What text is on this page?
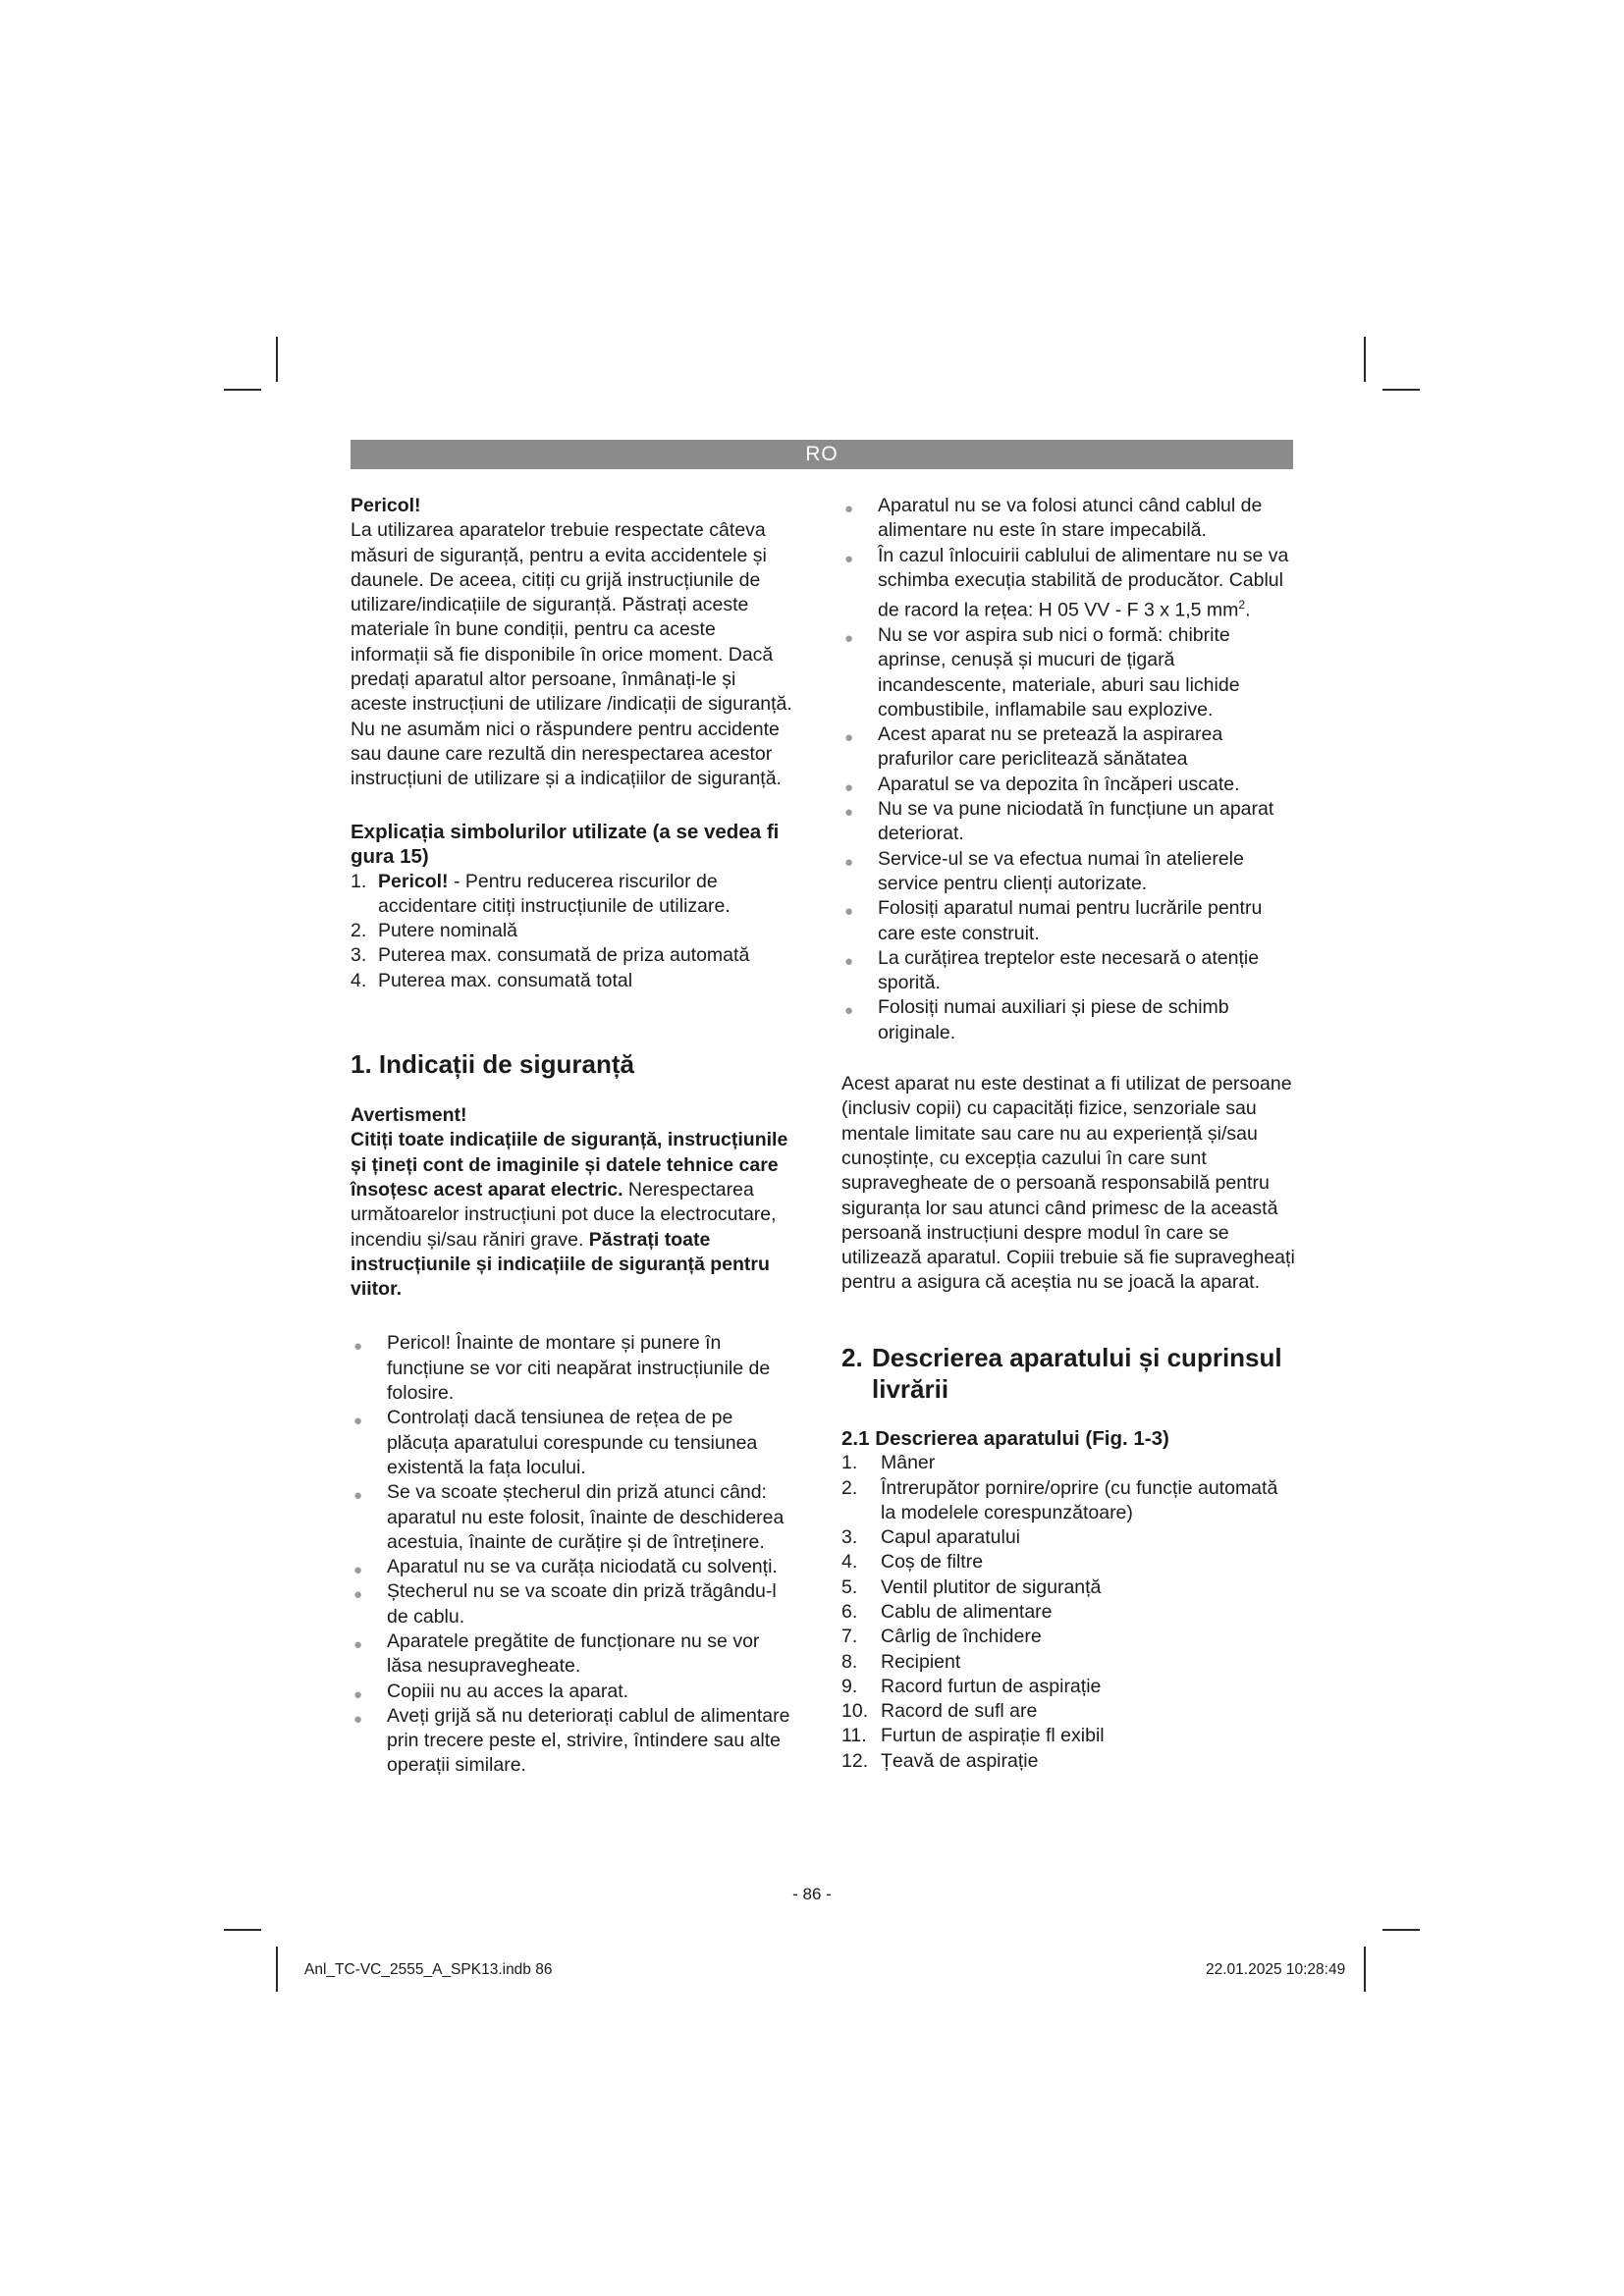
RO

Pericol!

La utilizarea aparatelor trebuie respectate câteva măsuri de siguranță, pentru a evita accidentele și daunele. De aceea, citiți cu grijă instrucțiunile de utilizare/indicațiile de siguranță. Păstrați aceste materiale în bune condiții, pentru ca aceste informații să fie disponibile în orice moment. Dacă predați aparatul altor persoane, înmânați-le și aceste instrucțiuni de utilizare /indicații de siguranță. Nu ne asumăm nici o răspundere pentru accidente sau daune care rezultă din nerespectarea acestor instrucțiuni de utilizare și a indicațiilor de siguranță.

Explicația simbolurilor utilizate (a se vedea fi gura 15)

1. Pericol! - Pentru reducerea riscurilor de accidentare citiți instrucțiunile de utilizare.
2. Putere nominală
3. Puterea max. consumată de priza automată
4. Puterea max. consumată total

1. Indicații de siguranță

Avertisment!

Citiți toate indicațiile de siguranță, instrucțiunile și țineți cont de imaginile și datele tehnice care însoțesc acest aparat electric. Nerespectarea următoarelor instrucțiuni pot duce la electrocutare, incendiu și/sau răniri grave. Păstrați toate instrucțiunile și indicațiile de siguranță pentru viitor.

● Pericol! Înainte de montare și punere în funcțiune se vor citi neapărat instrucțiunile de folosire.
● Controlați dacă tensiunea de rețea de pe plăcuța aparatului corespunde cu tensiunea existentă la fața locului.
● Se va scoate ștecherul din priză atunci când: aparatul nu este folosit, înainte de deschiderea acestuia, înainte de curățire și de întreținere.
● Aparatul nu se va curăța niciodată cu solvenți.
● Ștecherul nu se va scoate din priză trăgându-l de cablu.
● Aparatele pregătite de funcționare nu se vor lăsa nesupravegheate.
● Copiii nu au acces la aparat.
● Aveți grijă să nu deteriorați cablul de alimentare prin trecere peste el, strivire, întindere sau alte operații similare.
● Aparatul nu se va folosi atunci când cablul de alimentare nu este în stare impecabilă.
● În cazul înlocuirii cablului de alimentare nu se va schimba execuția stabilită de producător. Cablul de racord la rețea: H 05 VV - F 3 x 1,5 $mm^2$.
● Nu se vor aspira sub nici o formă: chibrite aprinse, cenușă și mucuri de țigară incandescente, materiale, aburi sau lichide combustibile, inflamabile sau explozive.
● Acest aparat nu se pretează la aspirarea prafurilor care periclitează sănătatea
● Aparatul se va depozita în încăperi uscate.
● Nu se va pune niciodată în funcțiune un aparat deteriorat.
● Service-ul se va efectua numai în atelierele service pentru clienți autorizate.
● Folosiți aparatul numai pentru lucrările pentru care este construit.
● La curățirea treptelor este necesară o atenție sporită.
● Folosiți numai auxiliari și piese de schimb originale.

Acest aparat nu este destinat a fi utilizat de persoane (inclusiv copii) cu capacități fizice, senzoriale sau mentale limitate sau care nu au experiență și/sau cunoștințe, cu excepția cazului în care sunt supravegheate de o persoană responsabilă pentru siguranța lor sau atunci când primesc de la această persoană instrucțiuni despre modul în care se utilizează aparatul. Copiii trebuie să fie supravegheați pentru a asigura că aceștia nu se joacă la aparat.

2. Descrierea aparatului și cuprinsul livrării

2.1 Descrierea aparatului (Fig. 1-3)

1. Mâner
2. Întrerupător pornire/oprire (cu funcție automată la modelele corespunzătoare)
3. Capul aparatului
4. Coș de filtre
5. Ventil plutitor de siguranță
6. Cablu de alimentare
7. Cârlig de închidere
8. Recipient
9. Racord furtun de aspirație
10. Racord de sufl are
11. Furtun de aspirație fl exibil
12. Țeavă de aspirație
- 86 -
Anl_TC-VC_2555_A_SPK13.indb 86	22.01.2025 10:28:49
